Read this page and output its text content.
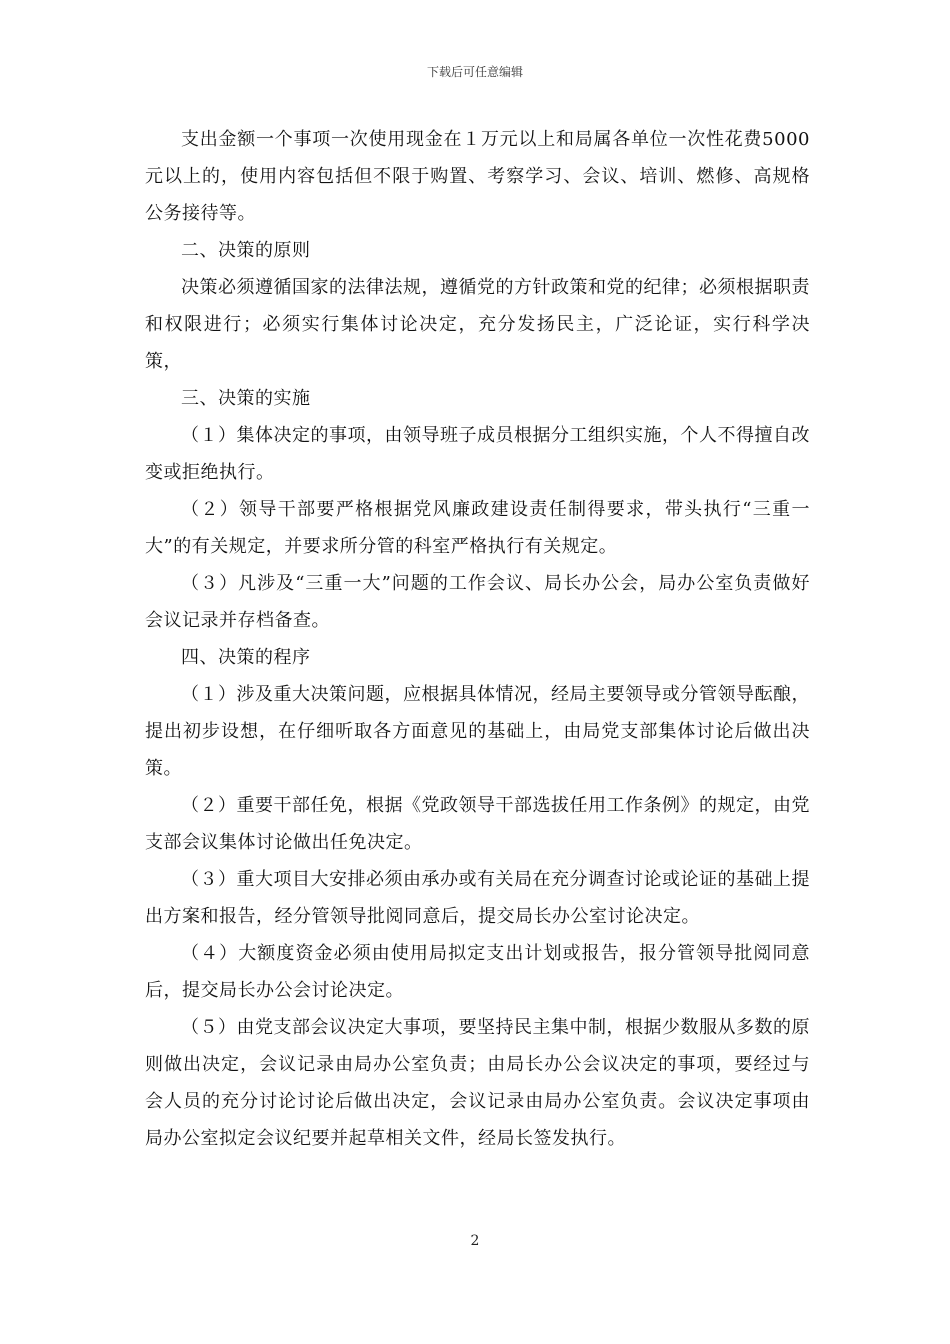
下载后可任意编辑

支出金额一个事项一次使用现金在１万元以上和局属各单位一次性花费5000元以上的，使用内容包括但不限于购置、考察学习、会议、培训、燃修、高规格公务接待等。

二、决策的原则

决策必须遵循国家的法律法规，遵循党的方针政策和党的纪律；必须根据职责和权限进行；必须实行集体讨论决定，充分发扬民主，广泛论证，实行科学决策，

三、决策的实施

（１）集体决定的事项，由领导班子成员根据分工组织实施，个人不得擅自改变或拒绝执行。

（２）领导干部要严格根据党风廉政建设责任制得要求，带头执行“三重一大”的有关规定，并要求所分管的科室严格执行有关规定。

（３）凡涉及“三重一大”问题的工作会议、局长办公会，局办公室负责做好会议记录并存档备查。

四、决策的程序

（１）涉及重大决策问题，应根据具体情况，经局主要领导或分管领导酝酿，提出初步设想，在仔细听取各方面意见的基础上，由局党支部集体讨论后做出决策。

（２）重要干部任免，根据《党政领导干部选拔任用工作条例》的规定，由党支部会议集体讨论做出任免决定。

（３）重大项目大安排必须由承办或有关局在充分调查讨论或论证的基础上提出方案和报告，经分管领导批阅同意后，提交局长办公室讨论决定。

（４）大额度资金必须由使用局拟定支出计划或报告，报分管领导批阅同意后，提交局长办公会讨论决定。

（５）由党支部会议决定大事项，要坚持民主集中制，根据少数服从多数的原则做出决定，会议记录由局办公室负责；由局长办公会议决定的事项，要经过与会人员的充分讨论讨论后做出决定，会议记录由局办公室负责。会议决定事项由局办公室拟定会议纪要并起草相关文件，经局长签发执行。

2
